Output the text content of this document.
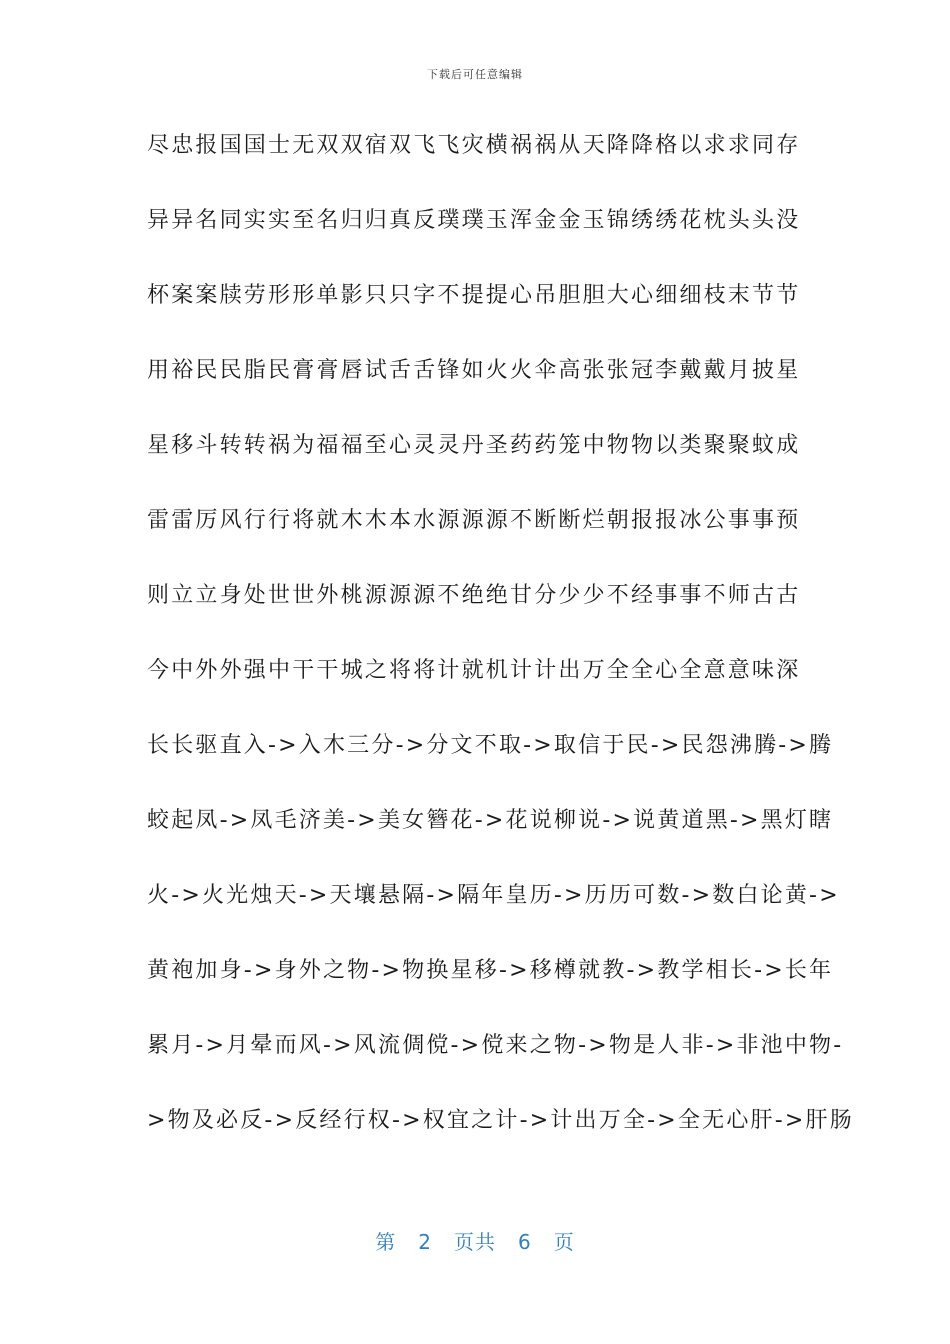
下载后可任意编辑
尽忠报国国士无双双宿双飞飞灾横祸祸从天降降格以求求同存
异异名同实实至名归归真反璞璞玉浑金金玉锦绣绣花枕头头没
杯案案牍劳形形单影只只字不提提心吊胆胆大心细细枝末节节
用裕民民脂民膏膏唇试舌舌锋如火火伞高张张冠李戴戴月披星
星移斗转转祸为福福至心灵灵丹圣药药笼中物物以类聚聚蚊成
雷雷厉风行行将就木木本水源源源不断断烂朝报报冰公事事预
则立立身处世世外桃源源源不绝绝甘分少少不经事事不师古古
今中外外强中干干城之将将计就机计计出万全全心全意意味深
长长驱直入->入木三分->分文不取->取信于民->民怨沸腾->腾
蛟起凤->凤毛济美->美女簪花->花说柳说->说黄道黑->黑灯瞎
火->火光烛天->天壤悬隔->隔年皇历->历历可数->数白论黄->
黄袍加身->身外之物->物换星移->移樽就教->教学相长->长年
累月->月晕而风->风流倜傥->傥来之物->物是人非->非池中物-
>物及必反->反经行权->权宜之计->计出万全->全无心肝->肝肠
第 2 页共 6 页
